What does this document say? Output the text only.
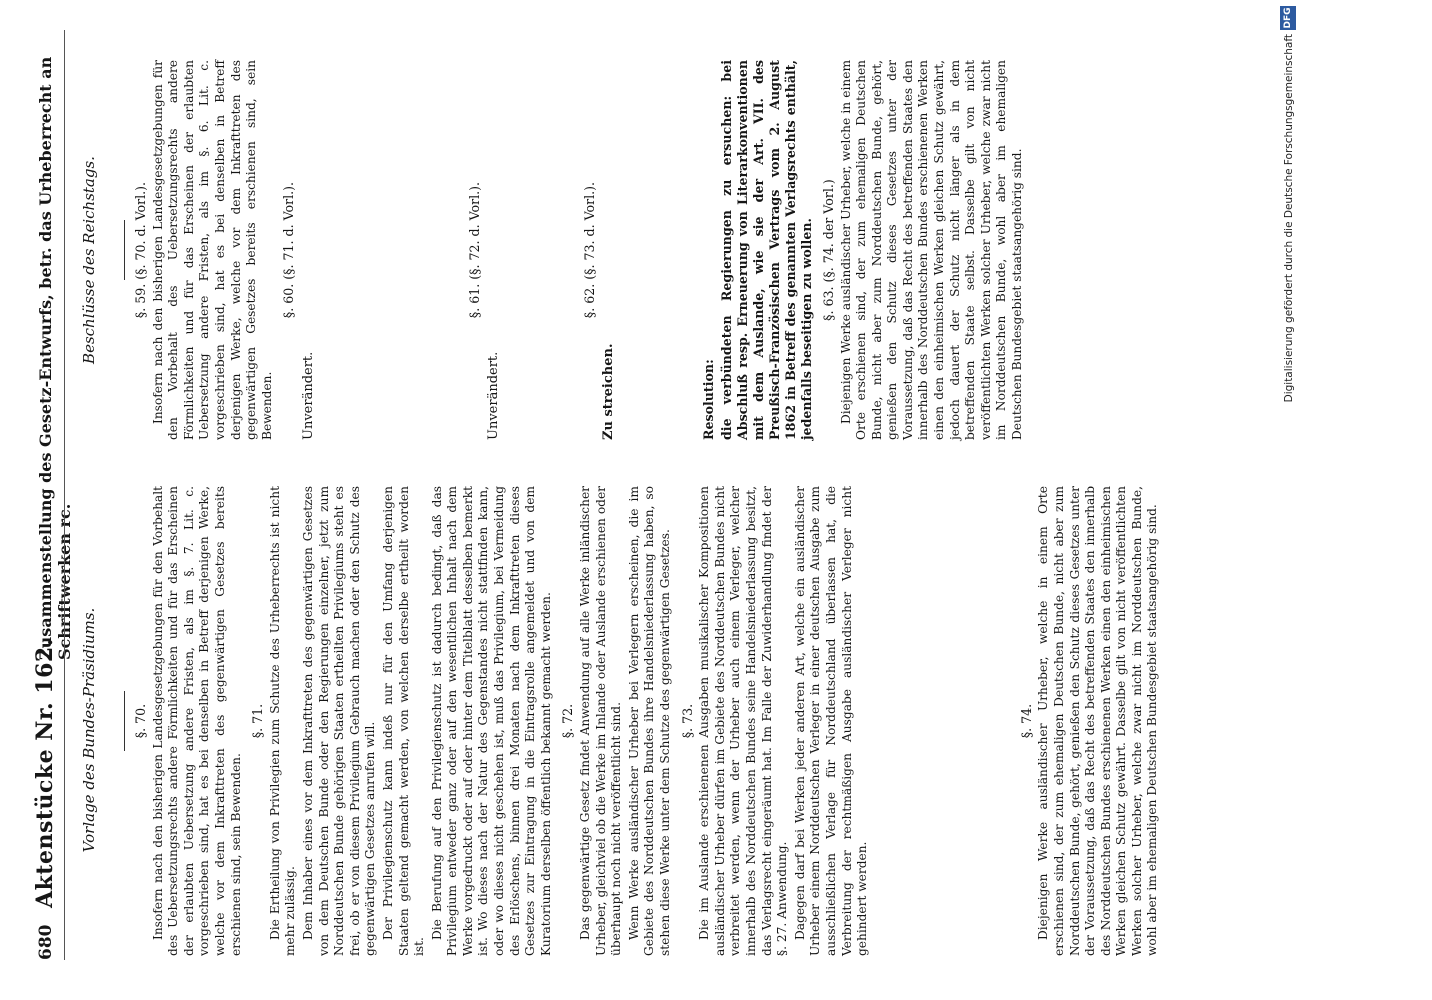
680
Aktenstücke Nr. 162.
Zusammenstellung des Gesetz-Entwurfs, betr. das Urheberrecht an Schriftwerken rc.
Vorlage des Bundes-Präsidiums.
Beschlüsse des Reichstags.
§. 70. Insofern nach den bisherigen Landesgesetzgebungen für den Vorbehalt des Uebersetzungsrechts andere Förmlichkeiten und für das Erscheinen der erlaubten Uebersetzung andere Fristen, als im §. 7. Lit. c. vorgeschrieben sind, hat es bei denselben in Betreff derjenigen Werke, welche vor dem Inkrafttreten des gegenwärtigen Gesetzes bereits erschienen sind, sein Bewenden.

§. 71. Die Ertheilung von Privilegien zum Schutze des Urheberrechts ist nicht mehr zulässig. Dem Inhaber eines vor dem Inkrafttreten des gegenwärtigen Gesetzes von dem Deutschen Bunde oder den Regierungen einzelner, jetzt zum Norddeutschen Bunde gehörigen Staaten ertheilten Privilegiums steht es frei, ob er von diesem Privilegium Gebrauch machen oder den Schutz des gegenwärtigen Gesetzes anrufen will. Der Privilegienschutz kann indeß nur für den Umfang derjenigen Staaten geltend gemacht werden, von welchen derselbe ertheilt worden ist.

Die Berufung auf den Privilegienschutz ist dadurch bedingt, daß das Privilegium entweder ganz oder auf den wesentlichen Inhalt nach dem Werke vorgedruckt oder auf oder hinter dem Titelblatt desselben bemerkt ist. Wo dieses nach der Natur des Gegenstandes nicht stattfinden kann, oder wo dieses nicht geschehen ist, muß das Privilegium, bei Vermeidung des Erlöschens, binnen drei Monaten nach dem Inkrafttreten dieses Gesetzes zur Eintragung in die Eintragsrolle angemeldet und von dem Kuratorium derselben öffentlich bekannt gemacht werden. §. 72. Das gegenwärtige Gesetz findet Anwendung auf alle Werke inländischer Urheber, gleichviel ob die Werke im Inlande oder Auslande erschienen oder überhaupt noch nicht veröffentlicht sind. Wenn Werke ausländischer Urheber bei Verlegern erscheinen, die im Gebiete des Norddeutschen Bundes ihre Handelsniederlassung haben, so stehen diese Werke unter dem Schutze des gegenwärtigen Gesetzes. §. 73. Die im Auslande erschienenen Ausgaben musikalischer Kompositionen ausländischer Urheber dürfen im Gebiete des Norddeutschen Bundes nicht verbreitet werden, wenn der Urheber auch einem Verleger, welcher innerhalb des Norddeutschen Bundes seine Handelsniederlassung besitzt, das Verlagsrecht eingeräumt hat. Im Falle der Zuwiderhandlung findet der §. 27. Anwendung. Dagegen darf bei Werken jeder anderen Art, welche ein ausländischer Urheber einem Norddeutschen Verleger in einer deutschen Ausgabe zum ausschließlichen Verlage für Norddeutschland überlassen hat, die Verbreitung der rechtmäßigen Ausgabe ausländischer Verleger nicht gehindert werden.

§. 74. Diejenigen Werke ausländischer Urheber, welche in einem Orte erschienen sind, der zum ehemaligen Deutschen Bunde, nicht aber zum Norddeutschen Bunde, gehört, genießen den Schutz dieses Gesetzes unter der Voraussetzung, daß das Recht des betreffenden Staates den innerhalb des Norddeutschen Bundes erschienenen Werken einen den einheimischen Werken gleichen Schutz gewährt. Dasselbe gilt von nicht veröffentlichten Werken solcher Urheber, welche zwar nicht im Norddeutschen Bunde, wohl aber im ehemaligen Deutschen Bundesgebiet staatsangehörig sind.

§. 59. (§. 70. d. Vorl.). Insofern nach den bisherigen Landesgesetzgebungen für den Vorbehalt des Uebersetzungsrechts andere Förmlichkeiten und für das Erscheinen der erlaubten Uebersetzung andere Fristen, als im §. 6. Lit. c. vorgeschrieben sind, hat es bei denselben in Betreff derjenigen Werke, welche vor dem Inkrafttreten des gegenwärtigen Gesetzes bereits erschienen sind, sein Bewenden.

§. 60. (§. 71. d. Vorl.).

Unverändert.

§. 61. (§. 72. d. Vorl.).

Unverändert.

§. 62. (§. 73. d. Vorl.).

Zu streichen.	Resolution: die verbündeten Regierungen zu ersuchen: bei Abschluß resp. Erneuerung von Literarkonventionen mit dem Auslande, wie sie der Art. VII. des Preußisch-Französischen Vertrags vom 2. August 1862 in Betreff des genannten Verlagsrechts enthält, jedenfalls beseitigen zu wollen. §. 63. (§. 74. der Vorl.) Diejenigen Werke ausländischer Urheber, welche in einem Orte erschienen sind, der zum ehemaligen Deutschen Bunde, nicht aber zum Norddeutschen Bunde, gehört, genießen den Schutz dieses Gesetzes unter der Voraussetzung, daß das Recht des betreffenden Staates den innerhalb des Norddeutschen Bundes erschienenen Werken einen den einheimischen Werken gleichen Schutz gewährt, jedoch dauert der Schutz nicht länger als in dem betreffenden Staate selbst. Dasselbe gilt von nicht veröffentlichten Werken solcher Urheber, welche zwar nicht im Norddeutschen Bunde, wohl aber im ehemaligen Deutschen Bundesgebiet staatsangehörig sind.	Digitalisierung gefördert durch die Deutsche Forschungsgemeinschaft
DFG
